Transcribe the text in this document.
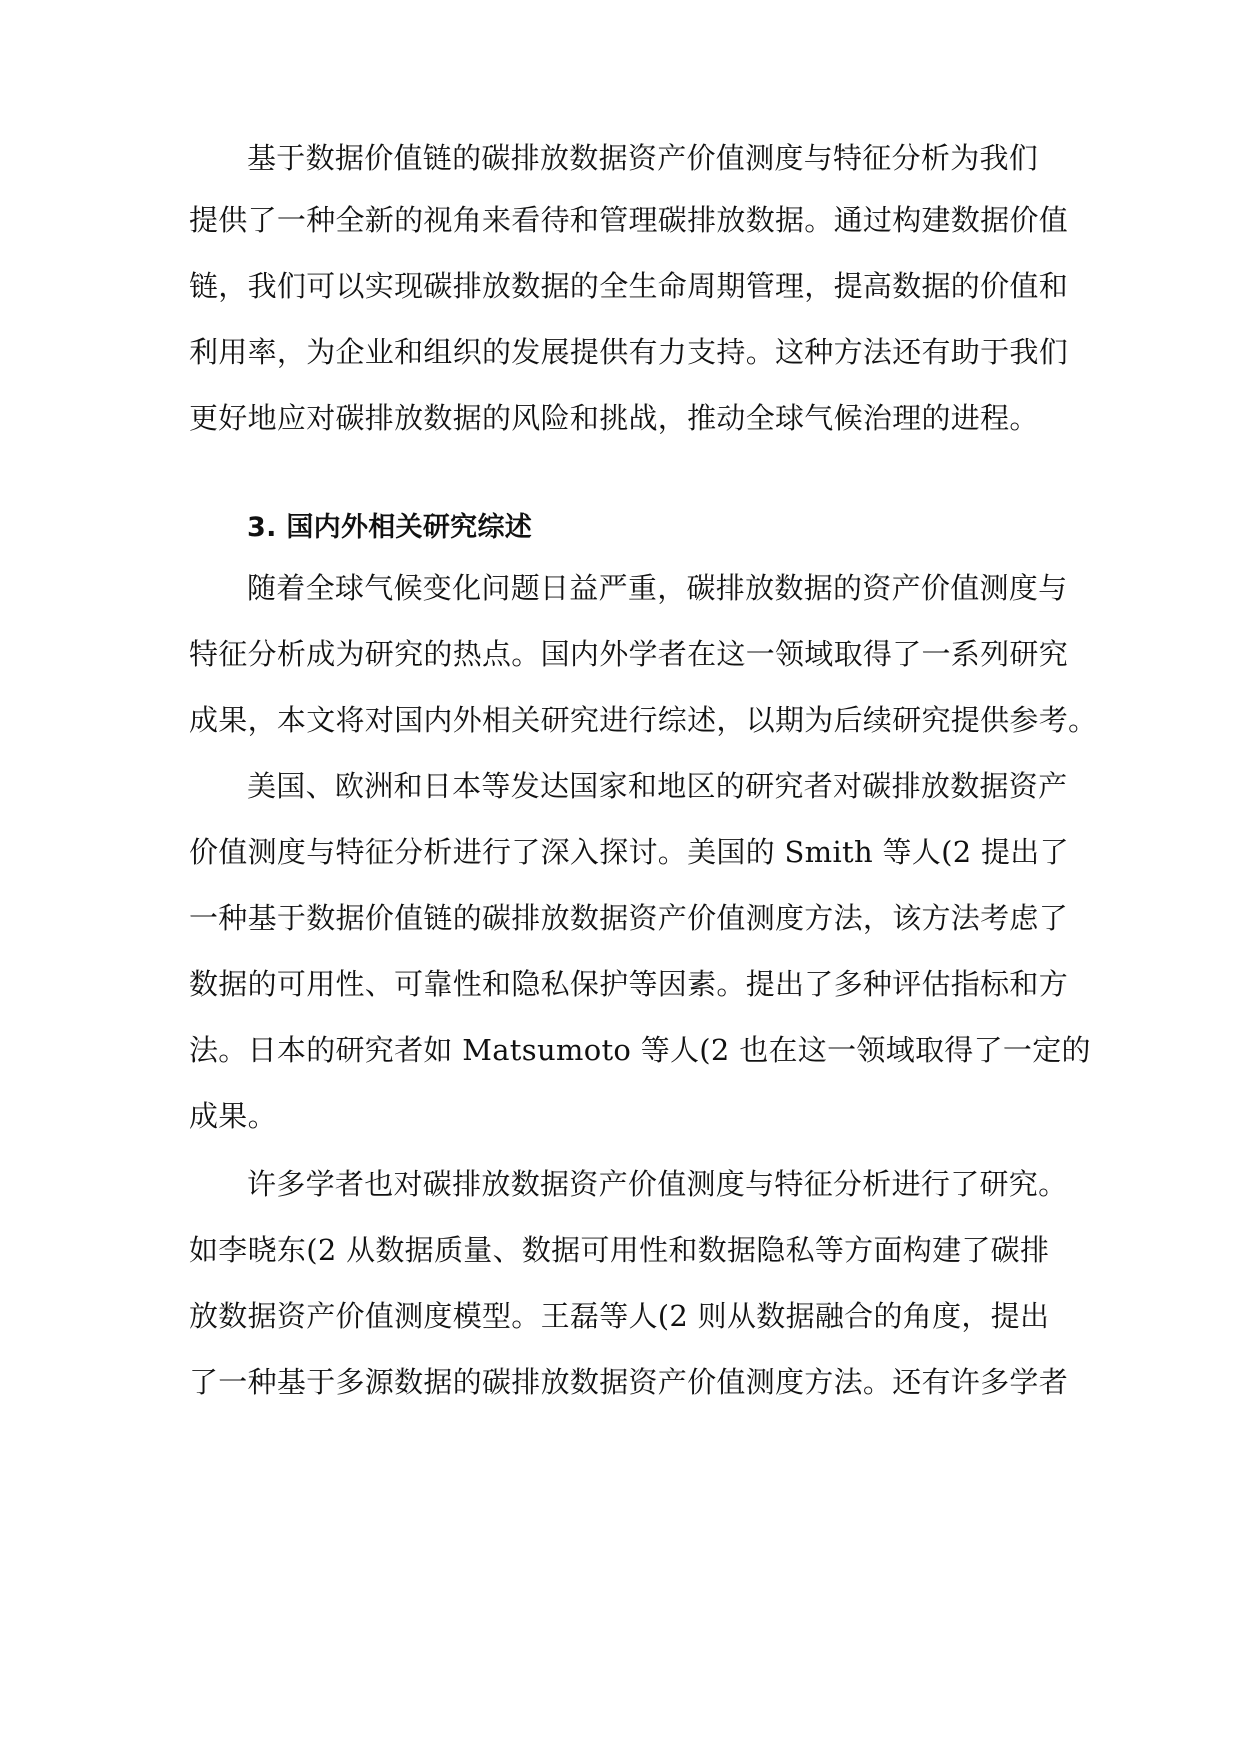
基于数据价值链的碳排放数据资产价值测度与特征分析为我们
提供了一种全新的视角来看待和管理碳排放数据。通过构建数据价值
链，我们可以实现碳排放数据的全生命周期管理，提高数据的价值和
利用率，为企业和组织的发展提供有力支持。这种方法还有助于我们
更好地应对碳排放数据的风险和挑战，推动全球气候治理的进程。
3. 国内外相关研究综述
随着全球气候变化问题日益严重，碳排放数据的资产价值测度与
特征分析成为研究的热点。国内外学者在这一领域取得了一系列研究
成果，本文将对国内外相关研究进行综述，以期为后续研究提供参考。
美国、欧洲和日本等发达国家和地区的研究者对碳排放数据资产
价值测度与特征分析进行了深入探讨。美国的 Smith 等人(2 提出了
一种基于数据价值链的碳排放数据资产价值测度方法，该方法考虑了
数据的可用性、可靠性和隐私保护等因素。提出了多种评估指标和方
法。日本的研究者如 Matsumoto 等人(2 也在这一领域取得了一定的
成果。
许多学者也对碳排放数据资产价值测度与特征分析进行了研究。
如李晓东(2 从数据质量、数据可用性和数据隐私等方面构建了碳排
放数据资产价值测度模型。王磊等人(2 则从数据融合的角度，提出
了一种基于多源数据的碳排放数据资产价值测度方法。还有许多学者
